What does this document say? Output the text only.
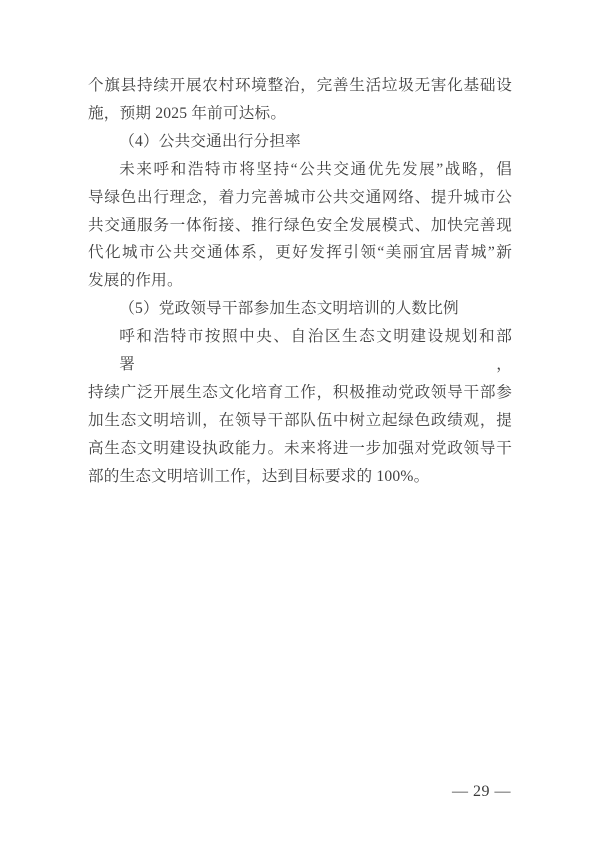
个旗县持续开展农村环境整治，完善生活垃圾无害化基础设
施，预期 2025 年前可达标。
（4）公共交通出行分担率
未来呼和浩特市将坚持“公共交通优先发展”战略，倡
导绿色出行理念，着力完善城市公共交通网络、提升城市公
共交通服务一体衔接、推行绿色安全发展模式、加快完善现
代化城市公共交通体系，更好发挥引领“美丽宜居青城”新
发展的作用。
（5）党政领导干部参加生态文明培训的人数比例
呼和浩特市按照中央、自治区生态文明建设规划和部署，
持续广泛开展生态文化培育工作，积极推动党政领导干部参
加生态文明培训，在领导干部队伍中树立起绿色政绩观，提
高生态文明建设执政能力。未来将进一步加强对党政领导干
部的生态文明培训工作，达到目标要求的 100%。
— 29 —
